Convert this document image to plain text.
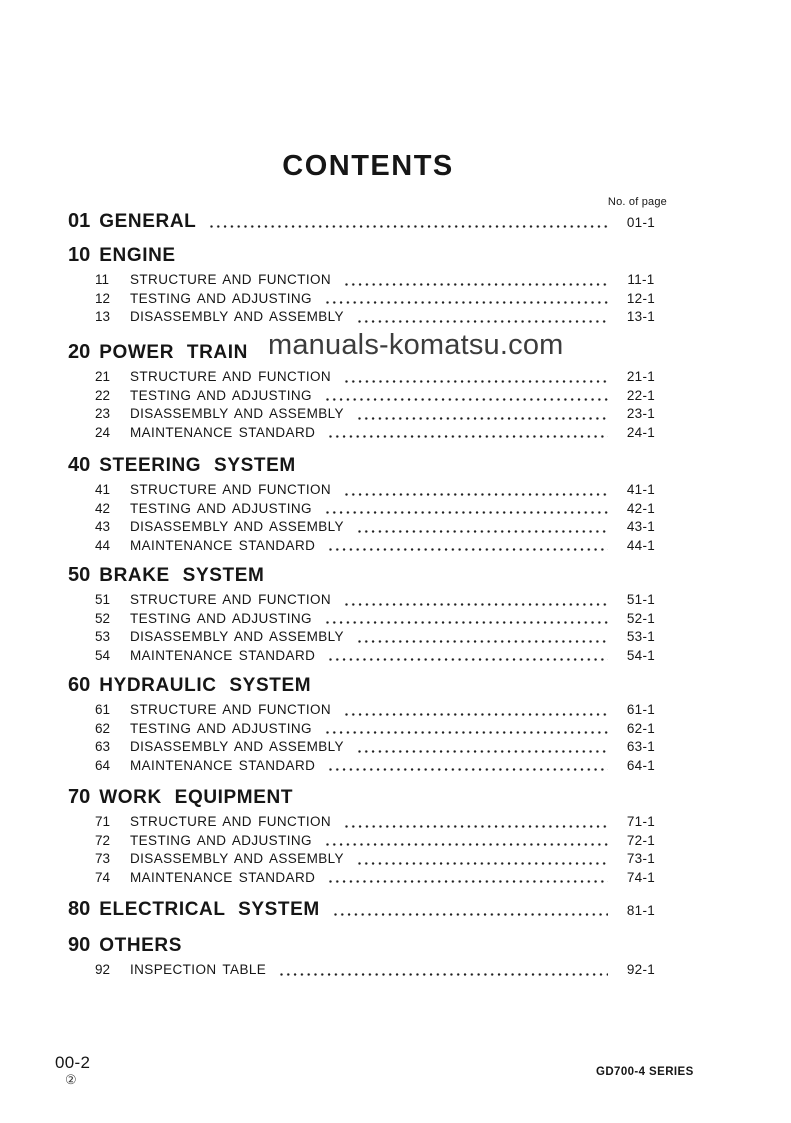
CONTENTS
manuals-komatsu.com
No. of page
01 GENERAL	01-1
10 ENGINE
11	STRUCTURE AND FUNCTION	11-1
12	TESTING AND ADJUSTING	12-1
13	DISASSEMBLY AND ASSEMBLY	13-1
20 POWER TRAIN
21	STRUCTURE AND FUNCTION	21-1
22	TESTING AND ADJUSTING	22-1
23	DISASSEMBLY AND ASSEMBLY	23-1
24	MAINTENANCE STANDARD	24-1
40 STEERING SYSTEM
41	STRUCTURE AND FUNCTION	41-1
42	TESTING AND ADJUSTING	42-1
43	DISASSEMBLY AND ASSEMBLY	43-1
44	MAINTENANCE STANDARD	44-1
50 BRAKE SYSTEM
51	STRUCTURE AND FUNCTION	51-1
52	TESTING AND ADJUSTING	52-1
53	DISASSEMBLY AND ASSEMBLY	53-1
54	MAINTENANCE STANDARD	54-1
60 HYDRAULIC SYSTEM
61	STRUCTURE AND FUNCTION	61-1
62	TESTING AND ADJUSTING	62-1
63	DISASSEMBLY AND ASSEMBLY	63-1
64	MAINTENANCE STANDARD	64-1
70 WORK EQUIPMENT
71	STRUCTURE AND FUNCTION	71-1
72	TESTING AND ADJUSTING	72-1
73	DISASSEMBLY AND ASSEMBLY	73-1
74	MAINTENANCE STANDARD	74-1
80 ELECTRICAL SYSTEM	81-1
90 OTHERS
92	INSPECTION TABLE	92-1
00-2
②	GD700-4 SERIES
